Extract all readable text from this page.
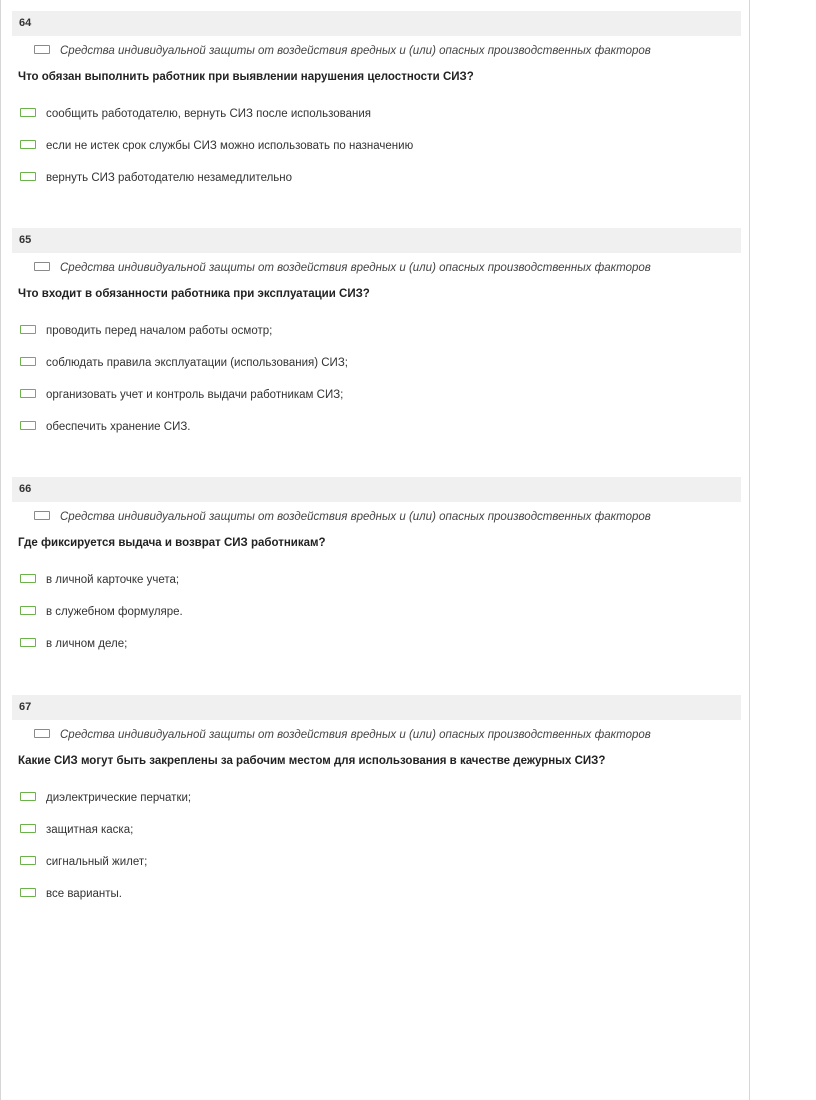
64
Средства индивидуальной защиты от воздействия вредных и (или) опасных производственных факторов
Что обязан выполнить работник при выявлении нарушения целостности СИЗ?
сообщить работодателю, вернуть СИЗ после использования
если не истек срок службы СИЗ можно использовать по назначению
вернуть СИЗ работодателю незамедлительно
65
Средства индивидуальной защиты от воздействия вредных и (или) опасных производственных факторов
Что входит в обязанности работника при эксплуатации СИЗ?
проводить перед началом работы осмотр;
соблюдать правила эксплуатации (использования) СИЗ;
организовать учет и контроль выдачи работникам СИЗ;
обеспечить хранение СИЗ.
66
Средства индивидуальной защиты от воздействия вредных и (или) опасных производственных факторов
Где фиксируется выдача и возврат СИЗ работникам?
в личной карточке учета;
в служебном формуляре.
в личном деле;
67
Средства индивидуальной защиты от воздействия вредных и (или) опасных производственных факторов
Какие СИЗ могут быть закреплены за рабочим местом для использования в качестве дежурных СИЗ?
диэлектрические перчатки;
защитная каска;
сигнальный жилет;
все варианты.
